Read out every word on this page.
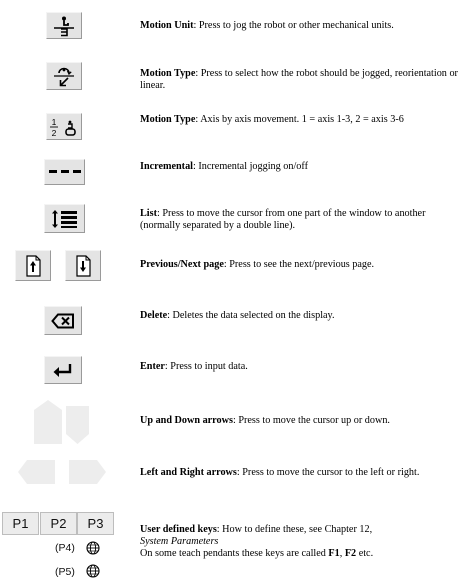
1
2
P1	P2	P3
(P4)
(P5)
Motion Unit: Press to jog the robot or other mechanical units.
Motion Type: Press to select how the robot should be jogged, reorientation or linear.
Motion Type: Axis by axis movement. 1 = axis 1-3, 2 = axis 3-6
Incremental: Incremental jogging on/off
List: Press to move the cursor from one part of the window to another (normally separated by a double line).
Previous/Next page: Press to see the next/previous page.
Delete: Deletes the data selected on the display.
Enter: Press to input data.
Up and Down arrows: Press to move the cursor up or down.
Left and Right arrows: Press to move the cursor to the left or right.
User defined keys: How to define these, see Chapter 12,
System Parameters
On some teach pendants these keys are called F1, F2 etc.
